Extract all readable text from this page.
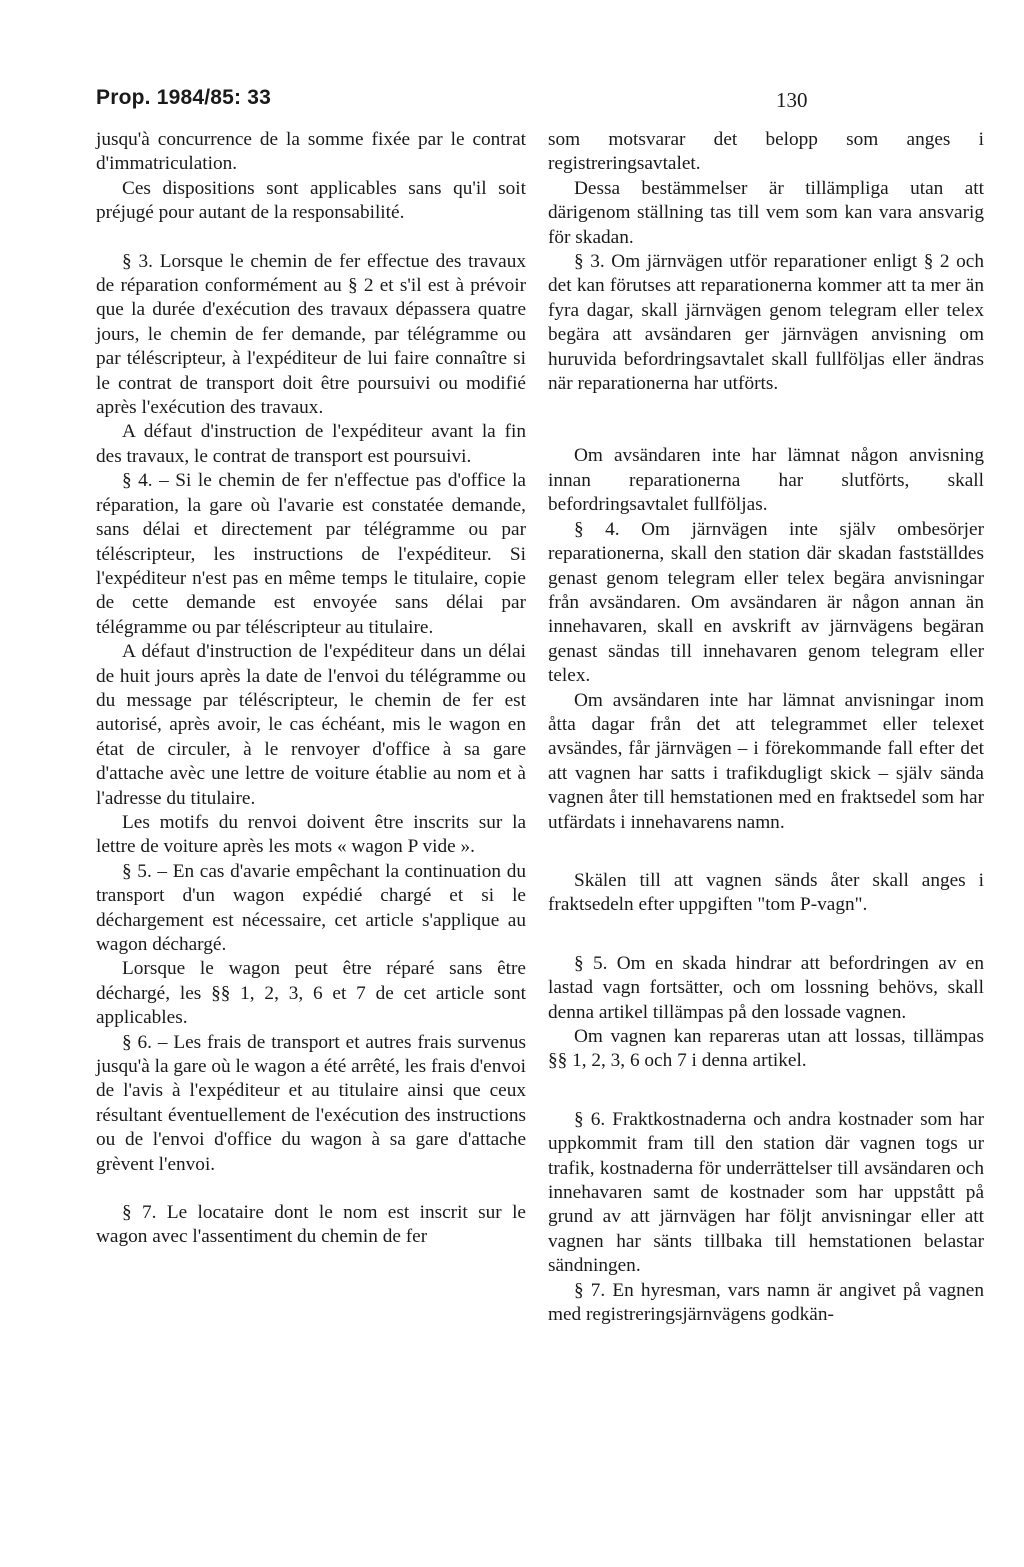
Prop. 1984/85: 33	130

jusqu'à concurrence de la somme fixée par le contrat d'immatriculation.

Ces dispositions sont applicables sans qu'il soit préjugé pour autant de la responsabilité.

§ 3. Lorsque le chemin de fer effectue des travaux de réparation conformément au § 2 et s'il est à prévoir que la durée d'exécution des travaux dépassera quatre jours, le chemin de fer demande, par télégramme ou par téléscripteur, à l'expéditeur de lui faire connaître si le contrat de transport doit être poursuivi ou modifié après l'exécution des travaux.

A défaut d'instruction de l'expéditeur avant la fin des travaux, le contrat de transport est poursuivi.

§ 4. – Si le chemin de fer n'effectue pas d'office la réparation, la gare où l'avarie est constatée demande, sans délai et directement par télégramme ou par téléscripteur, les instructions de l'expéditeur. Si l'expéditeur n'est pas en même temps le titulaire, copie de cette demande est envoyée sans délai par télégramme ou par téléscripteur au titulaire.

A défaut d'instruction de l'expéditeur dans un délai de huit jours après la date de l'envoi du télégramme ou du message par téléscripteur, le chemin de fer est autorisé, après avoir, le cas échéant, mis le wagon en état de circuler, à le renvoyer d'office à sa gare d'attache avèc une lettre de voiture établie au nom et à l'adresse du titulaire.

Les motifs du renvoi doivent être inscrits sur la lettre de voiture après les mots « wagon P vide ».

§ 5. – En cas d'avarie empêchant la continuation du transport d'un wagon expédié chargé et si le déchargement est nécessaire, cet article s'applique au wagon déchargé.

Lorsque le wagon peut être réparé sans être déchargé, les §§ 1, 2, 3, 6 et 7 de cet article sont applicables.

§ 6. – Les frais de transport et autres frais survenus jusqu'à la gare où le wagon a été arrêté, les frais d'envoi de l'avis à l'expéditeur et au titulaire ainsi que ceux résultant éventuellement de l'exécution des instructions ou de l'envoi d'office du wagon à sa gare d'attache grèvent l'envoi.

§ 7. Le locataire dont le nom est inscrit sur le wagon avec l'assentiment du chemin de fer

som motsvarar det belopp som anges i registreringsavtalet.

Dessa bestämmelser är tillämpliga utan att därigenom ställning tas till vem som kan vara ansvarig för skadan.

§ 3. Om järnvägen utför reparationer enligt § 2 och det kan förutses att reparationerna kommer att ta mer än fyra dagar, skall järnvägen genom telegram eller telex begära att avsändaren ger järnvägen anvisning om huruvida befordringsavtalet skall fullföljas eller ändras när reparationerna har utförts.

Om avsändaren inte har lämnat någon anvisning innan reparationerna har slutförts, skall befordringsavtalet fullföljas.

§ 4. Om järnvägen inte själv ombesörjer reparationerna, skall den station där skadan fastställdes genast genom telegram eller telex begära anvisningar från avsändaren. Om avsändaren är någon annan än innehavaren, skall en avskrift av järnvägens begäran genast sändas till innehavaren genom telegram eller telex.

Om avsändaren inte har lämnat anvisningar inom åtta dagar från det att telegrammet eller telexet avsändes, får järnvägen – i förekommande fall efter det att vagnen har satts i trafikdugligt skick – själv sända vagnen åter till hemstationen med en fraktsedel som har utfärdats i innehavarens namn.

Skälen till att vagnen sänds åter skall anges i fraktsedeln efter uppgiften "tom P-vagn".

§ 5. Om en skada hindrar att befordringen av en lastad vagn fortsätter, och om lossning behövs, skall denna artikel tillämpas på den lossade vagnen.

Om vagnen kan repareras utan att lossas, tillämpas §§ 1, 2, 3, 6 och 7 i denna artikel.

§ 6. Fraktkostnaderna och andra kostnader som har uppkommit fram till den station där vagnen togs ur trafik, kostnaderna för underrättelser till avsändaren och innehavaren samt de kostnader som har uppstått på grund av att järnvägen har följt anvisningar eller att vagnen har sänts tillbaka till hemstationen belastar sändningen.

§ 7. En hyresman, vars namn är angivet på vagnen med registreringsjärnvägens godkän-
